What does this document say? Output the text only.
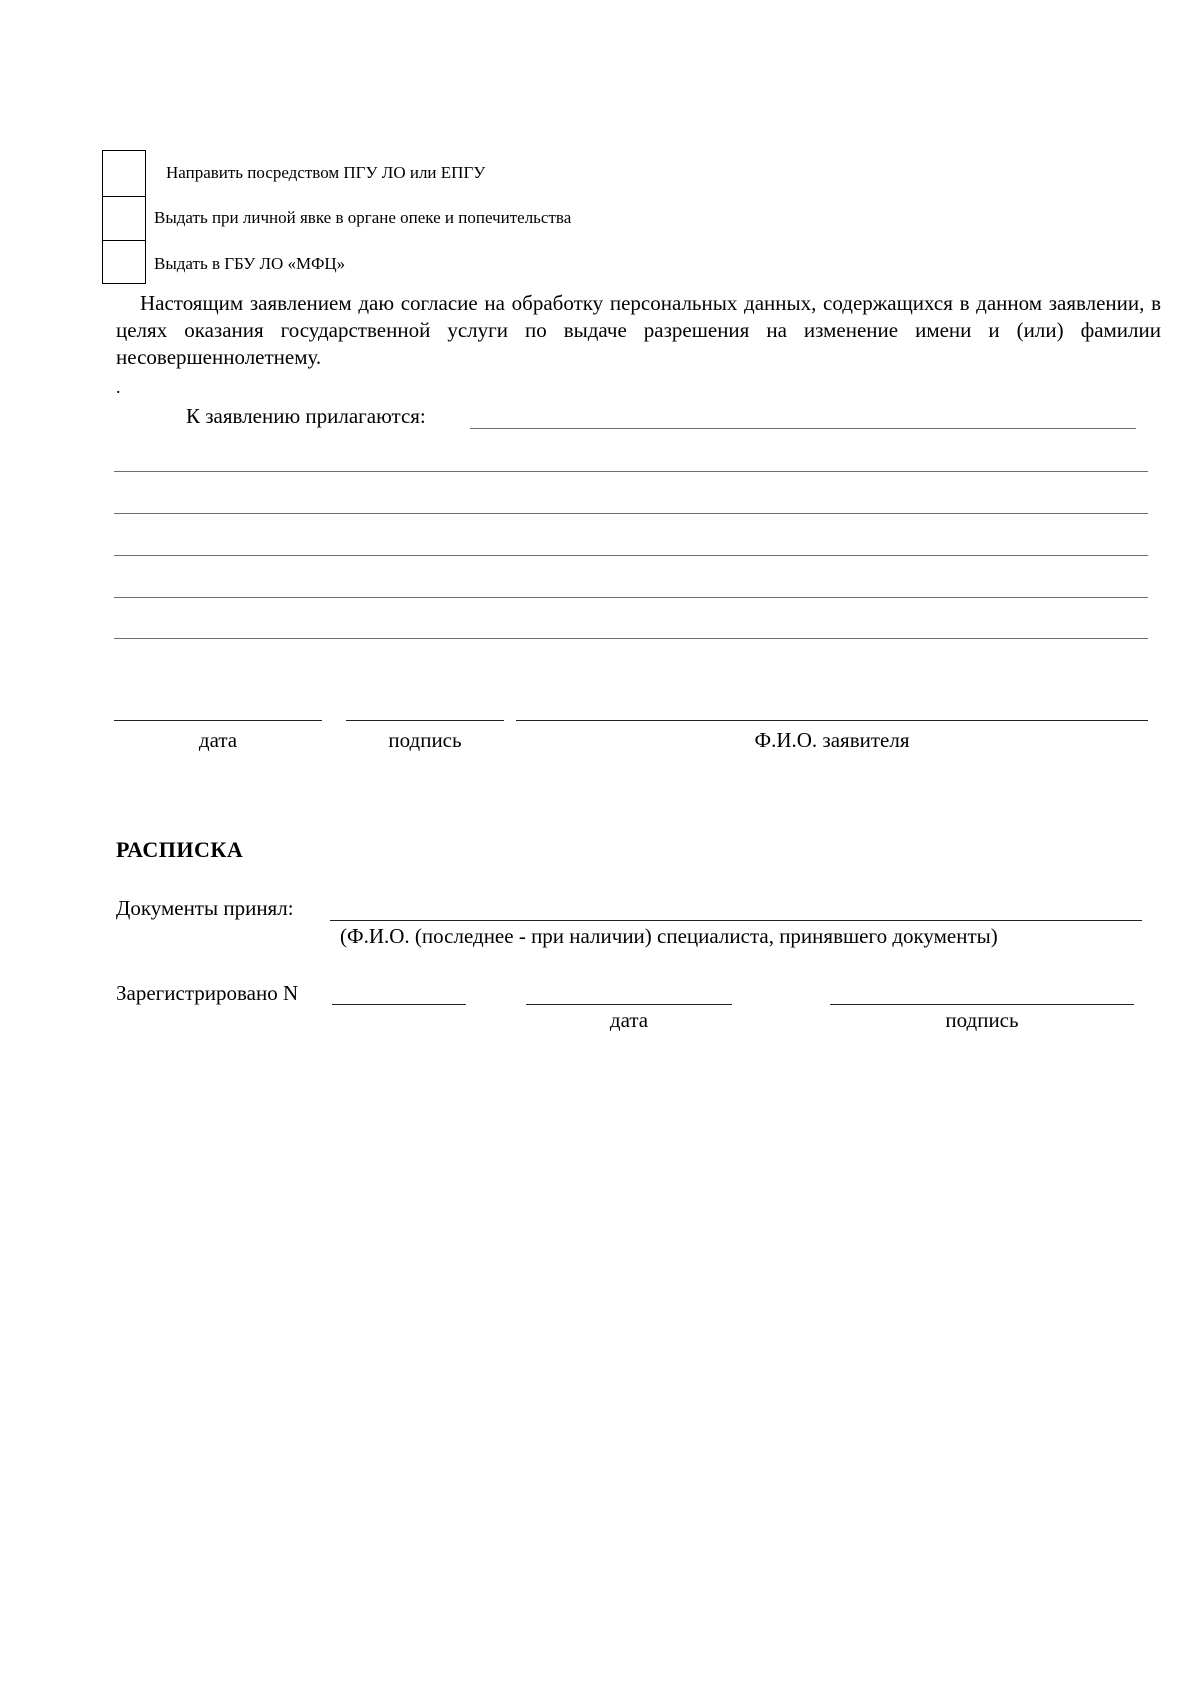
Направить посредством ПГУ ЛО или ЕПГУ
Выдать при личной явке в органе опеке и попечительства
Выдать в ГБУ ЛО «МФЦ»
Настоящим заявлением даю согласие на обработку персональных данных, содержащихся в данном заявлении, в целях оказания государственной услуги по выдаче разрешения на изменение имени и (или) фамилии несовершеннолетнему.
.
К заявлению прилагаются:
дата	подпись	Ф.И.О. заявителя
РАСПИСКА
Документы принял:
(Ф.И.О. (последнее - при наличии) специалиста, принявшего документы)
Зарегистрировано N
дата	подпись
